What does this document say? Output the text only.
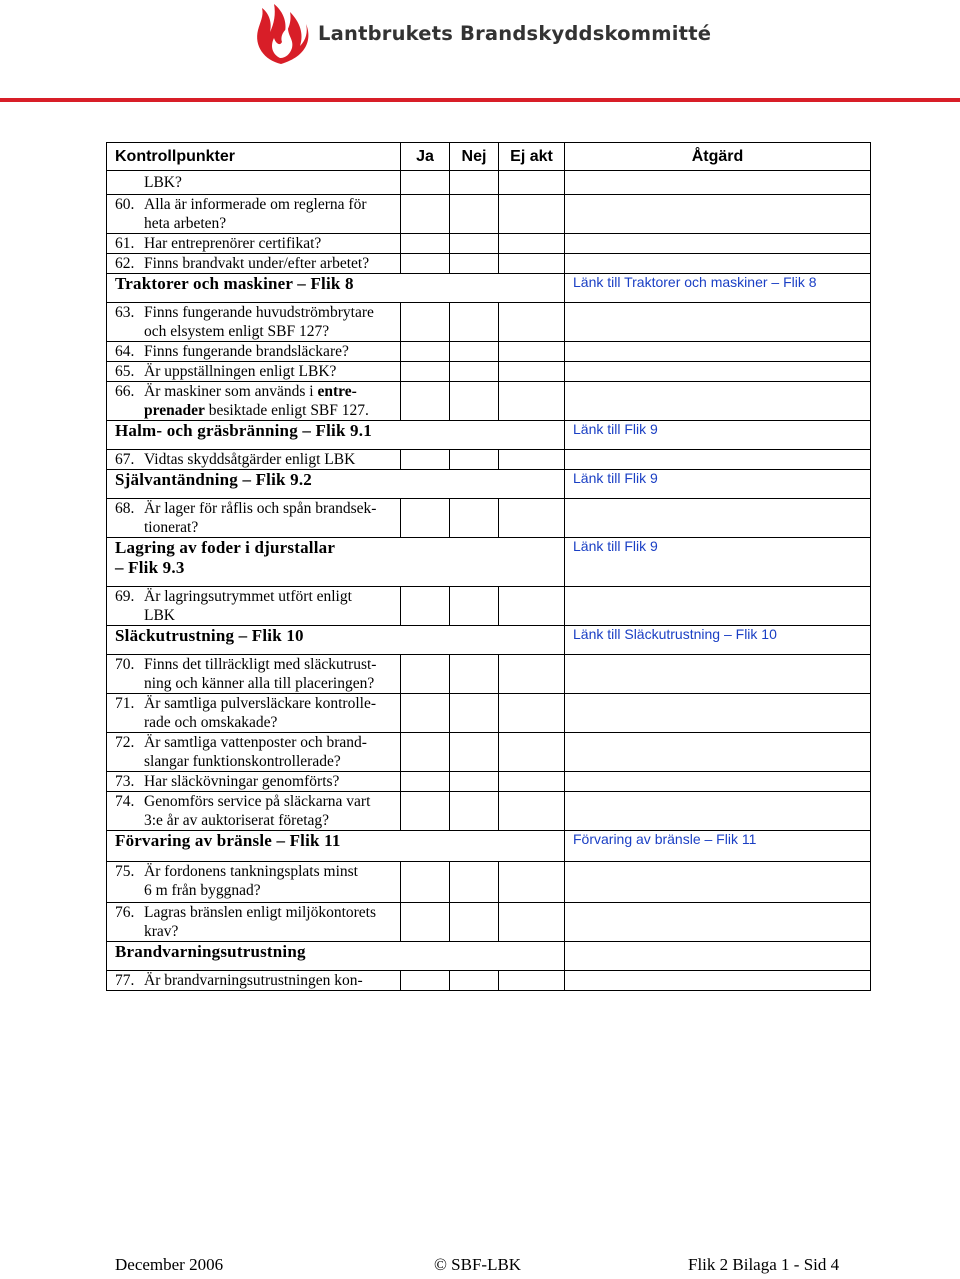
Lantbrukets Brandskyddskommitté
Kontrollpunkter	Ja	Nej	Ej akt	Åtgärd

LBK?				

60. Alla är informerade om reglerna för
heta arbeten?				

61. Har entreprenörer certifikat?				
62. Finns brandvakt under/efter arbetet?				
Traktorer och maskiner – Flik 8				Länk till Traktorer och maskiner – Flik 8
63. Finns fungerande huvudströmbrytare
och elsystem enligt SBF 127?				

64. Finns fungerande brandsläckare?				
65. Är uppställningen enligt LBK?				
66. Är maskiner som används i entre-
prenader besiktade enligt SBF 127.				

Halm- och gräsbränning – Flik 9.1				Länk till Flik 9
67. Vidtas skyddsåtgärder enligt LBK				
Självantändning – Flik 9.2				Länk till Flik 9
68. Är lager för råflis och spån brandsek-
tionerat?				

Lagring av foder i djurstallar
– Flik 9.3				Länk till Flik 9
69. Är lagringsutrymmet utfört enligt
LBK				

Släckutrustning – Flik 10				Länk till Släckutrustning – Flik 10
70. Finns det tillräckligt med släckutrust-
ning och känner alla till placeringen?				

71. Är samtliga pulversläckare kontrolle-
rade och omskakade?				

72. Är samtliga vattenposter och brand-
slangar funktionskontrollerade?				

73. Har släckövningar genomförts?				
74. Genomförs service på släckarna vart
3:e år av auktoriserat företag?				

Förvaring av bränsle – Flik 11				Förvaring av bränsle – Flik 11
75. Är fordonens tankningsplats minst
6 m från byggnad?				

76. Lagras bränslen enligt miljökontorets
krav?				

Brandvarningsutrustning				
77. Är brandvarningsutrustningen kon-				
December 2006	© SBF-LBK	Flik 2 Bilaga 1 - Sid 4
